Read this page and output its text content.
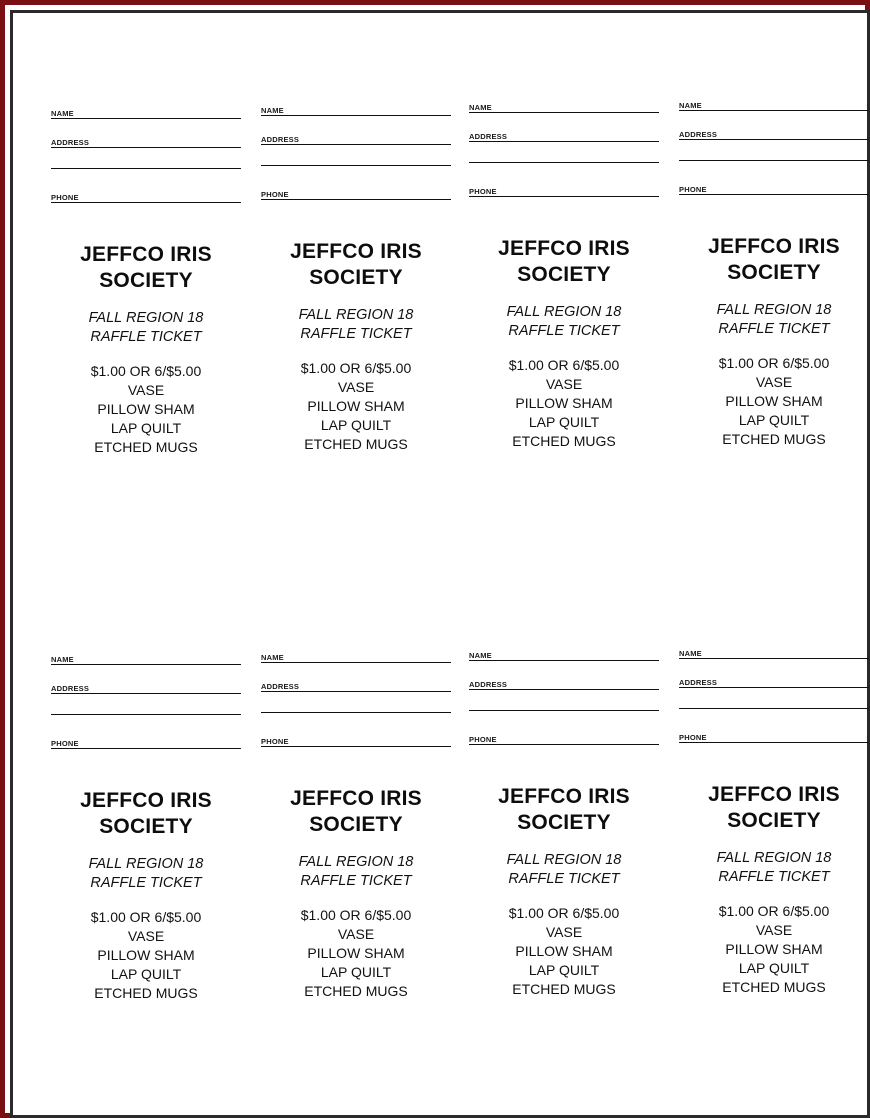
NAME
ADDRESS
PHONE
JEFFCO IRIS
SOCIETY
FALL REGION 18
RAFFLE TICKET
$1.00 OR 6/$5.00
VASE
PILLOW SHAM
LAP QUILT
ETCHED MUGS
NAME
ADDRESS
PHONE
JEFFCO IRIS
SOCIETY
FALL REGION 18
RAFFLE TICKET
$1.00 OR 6/$5.00
VASE
PILLOW SHAM
LAP QUILT
ETCHED MUGS
NAME
ADDRESS
PHONE
JEFFCO IRIS
SOCIETY
FALL REGION 18
RAFFLE TICKET
$1.00 OR 6/$5.00
VASE
PILLOW SHAM
LAP QUILT
ETCHED MUGS
NAME
ADDRESS
PHONE
JEFFCO IRIS
SOCIETY
FALL REGION 18
RAFFLE TICKET
$1.00 OR 6/$5.00
VASE
PILLOW SHAM
LAP QUILT
ETCHED MUGS
NAME
ADDRESS
PHONE
JEFFCO IRIS
SOCIETY
FALL REGION 18
RAFFLE TICKET
$1.00 OR 6/$5.00
VASE
PILLOW SHAM
LAP QUILT
ETCHED MUGS
NAME
ADDRESS
PHONE
JEFFCO IRIS
SOCIETY
FALL REGION 18
RAFFLE TICKET
$1.00 OR 6/$5.00
VASE
PILLOW SHAM
LAP QUILT
ETCHED MUGS
NAME
ADDRESS
PHONE
JEFFCO IRIS
SOCIETY
FALL REGION 18
RAFFLE TICKET
$1.00 OR 6/$5.00
VASE
PILLOW SHAM
LAP QUILT
ETCHED MUGS
NAME
ADDRESS
PHONE
JEFFCO IRIS
SOCIETY
FALL REGION 18
RAFFLE TICKET
$1.00 OR 6/$5.00
VASE
PILLOW SHAM
LAP QUILT
ETCHED MUGS
